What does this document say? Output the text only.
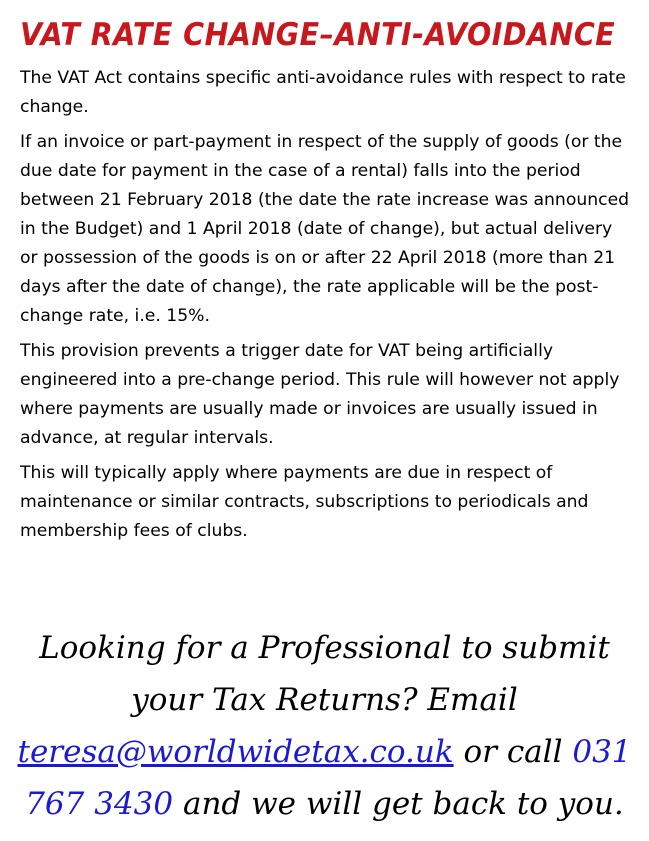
VAT RATE CHANGE–ANTI-AVOIDANCE

The VAT Act contains specific anti-avoidance rules with respect to rate change.

If an invoice or part-payment in respect of the supply of goods (or the due date for payment in the case of a rental) falls into the period between 21 February 2018 (the date the rate increase was announced in the Budget) and 1 April 2018 (date of change), but actual delivery or possession of the goods is on or after 22 April 2018 (more than 21 days after the date of change), the rate applicable will be the post-change rate, i.e. 15%.

This provision prevents a trigger date for VAT being artificially engineered into a pre-change period. This rule will however not apply where payments are usually made or invoices are usually issued in advance, at regular intervals.

This will typically apply where payments are due in respect of maintenance or similar contracts, subscriptions to periodicals and membership fees of clubs.

Looking for a Professional to submit your Tax Returns? Email teresa@worldwidetax.co.uk or call 031 767 3430 and we will get back to you.
